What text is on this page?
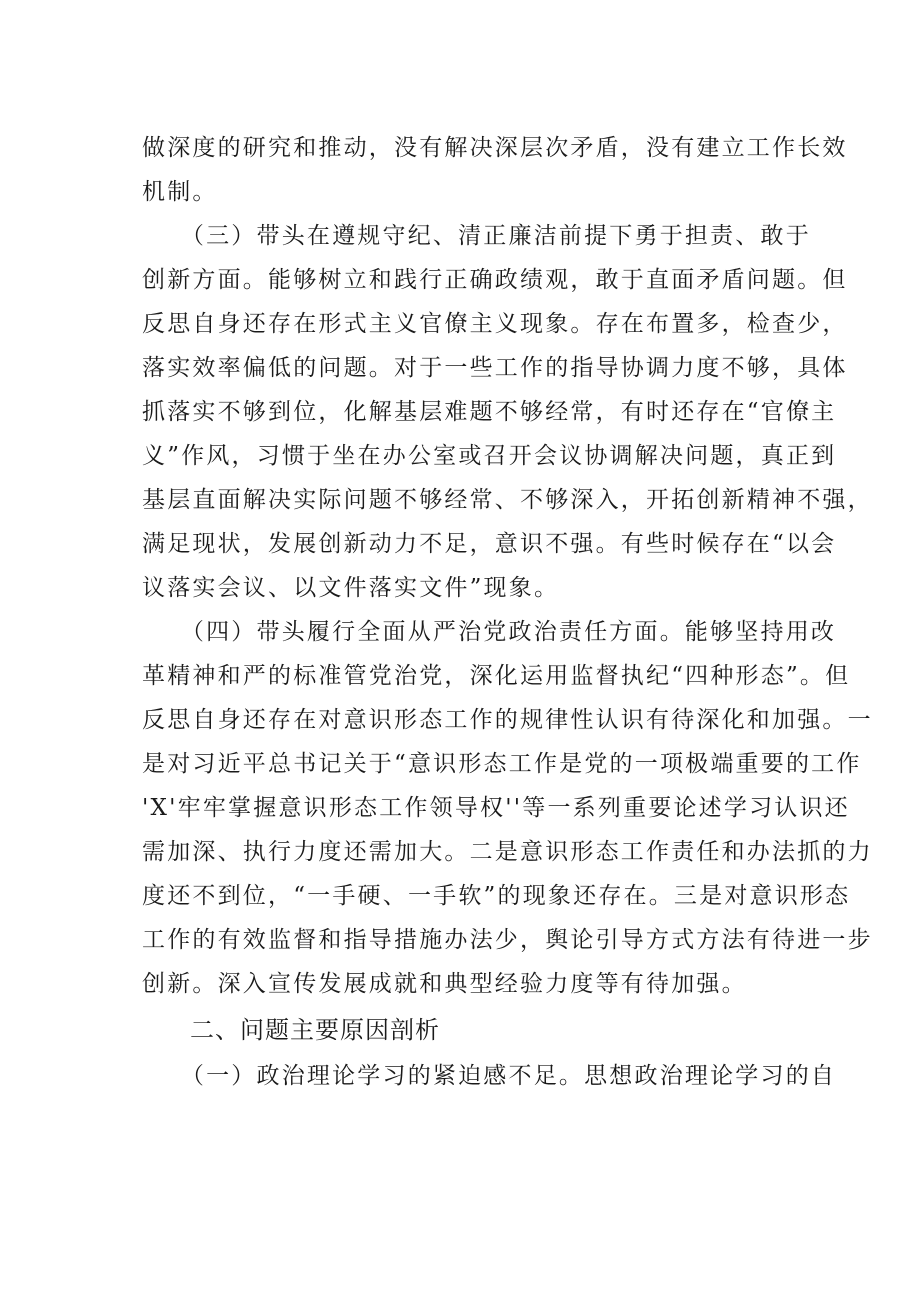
做深度的研究和推动，没有解决深层次矛盾，没有建立工作长效
机制。
　　（三）带头在遵规守纪、清正廉洁前提下勇于担责、敢于
创新方面。能够树立和践行正确政绩观，敢于直面矛盾问题。但
反思自身还存在形式主义官僚主义现象。存在布置多，检查少，
落实效率偏低的问题。对于一些工作的指导协调力度不够，具体
抓落实不够到位，化解基层难题不够经常，有时还存在“官僚主
义”作风，习惯于坐在办公室或召开会议协调解决问题，真正到
基层直面解决实际问题不够经常、不够深入，开拓创新精神不强，
满足现状，发展创新动力不足，意识不强。有些时候存在“以会
议落实会议、以文件落实文件”现象。
　　（四）带头履行全面从严治党政治责任方面。能够坚持用改
革精神和严的标准管党治党，深化运用监督执纪“四种形态”。但
反思自身还存在对意识形态工作的规律性认识有待深化和加强。一
是对习近平总书记关于“意识形态工作是党的一项极端重要的工作
'X'牢牢掌握意识形态工作领导权''等一系列重要论述学习认识还
需加深、执行力度还需加大。二是意识形态工作责任和办法抓的力
度还不到位，“一手硬、一手软”的现象还存在。三是对意识形态
工作的有效监督和指导措施办法少，舆论引导方式方法有待进一步
创新。深入宣传发展成就和典型经验力度等有待加强。
二、问题主要原因剖析
　　（一）政治理论学习的紧迫感不足。思想政治理论学习的自
